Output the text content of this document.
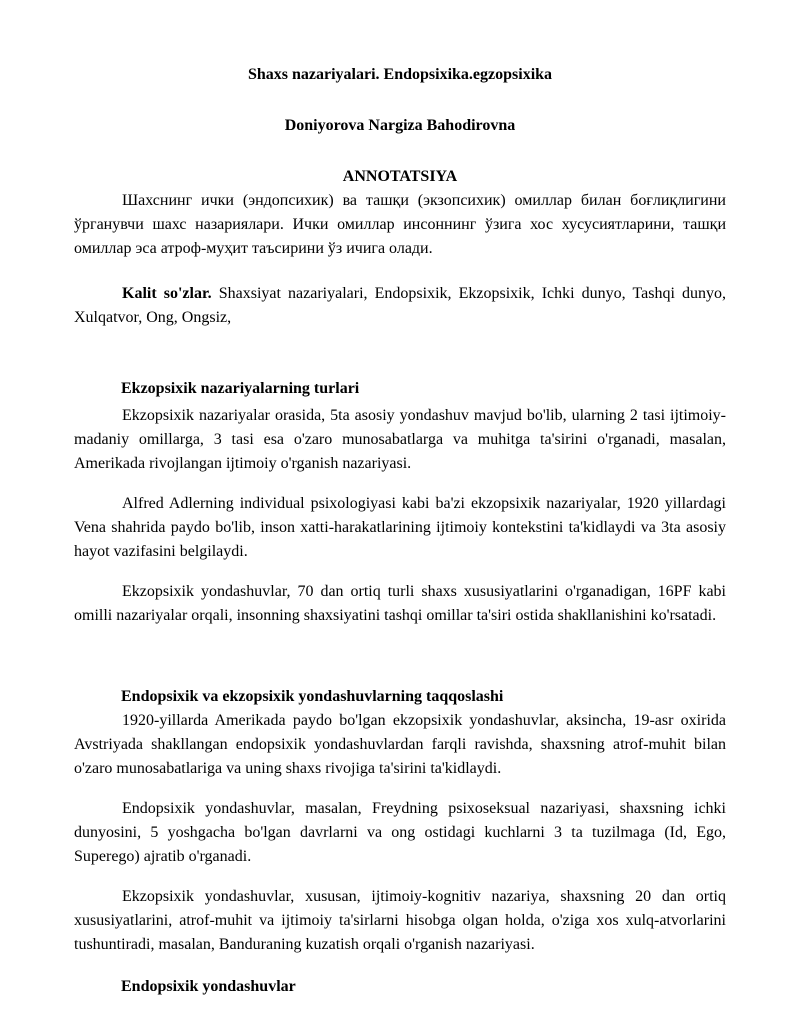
Shaxs nazariyalari. Endopsixika.egzopsixika
Doniyorova Nargiza Bahodirovna
ANNOTATSIYA

Шахснинг ички (эндопсихик) ва ташқи (экзопсихик) омиллар билан боғлиқлигини ўрганувчи шахс назариялари. Ички омиллар инсоннинг ўзига хос хусусиятларини, ташқи омиллар эса атроф-муҳит таъсирини ўз ичига олади.

Kalit so'zlar. Shaxsiyat nazariyalari, Endopsixik, Ekzopsixik, Ichki dunyo, Tashqi dunyo, Xulqatvor, Ong, Ongsiz,

Ekzopsixik nazariyalarning turlari

Ekzopsixik nazariyalar orasida, 5ta asosiy yondashuv mavjud bo'lib, ularning 2 tasi ijtimoiy-madaniy omillarga, 3 tasi esa o'zaro munosabatlarga va muhitga ta'sirini o'rganadi, masalan, Amerikada rivojlangan ijtimoiy o'rganish nazariyasi.

Alfred Adlerning individual psixologiyasi kabi ba'zi ekzopsixik nazariyalar, 1920 yillardagi Vena shahrida paydo bo'lib, inson xatti-harakatlarining ijtimoiy kontekstini ta'kidlaydi va 3ta asosiy hayot vazifasini belgilaydi.

Ekzopsixik yondashuvlar, 70 dan ortiq turli shaxs xususiyatlarini o'rganadigan, 16PF kabi omilli nazariyalar orqali, insonning shaxsiyatini tashqi omillar ta'siri ostida shakllanishini ko'rsatadi.

Endopsixik va ekzopsixik yondashuvlarning taqqoslashi

1920-yillarda Amerikada paydo bo'lgan ekzopsixik yondashuvlar, aksincha, 19-asr oxirida Avstriyada shakllangan endopsixik yondashuvlardan farqli ravishda, shaxsning atrof-muhit bilan o'zaro munosabatlariga va uning shaxs rivojiga ta'sirini ta'kidlaydi.

Endopsixik yondashuvlar, masalan, Freydning psixoseksual nazariyasi, shaxsning ichki dunyosini, 5 yoshgacha bo'lgan davrlarni va ong ostidagi kuchlarni 3 ta tuzilmaga (Id, Ego, Superego) ajratib o'rganadi.

Ekzopsixik yondashuvlar, xususan, ijtimoiy-kognitiv nazariya, shaxsning 20 dan ortiq xususiyatlarini, atrof-muhit va ijtimoiy ta'sirlarni hisobga olgan holda, o'ziga xos xulq-atvorlarini tushuntiradi, masalan, Banduraning kuzatish orqali o'rganish nazariyasi.

Endopsixik yondashuvlar
